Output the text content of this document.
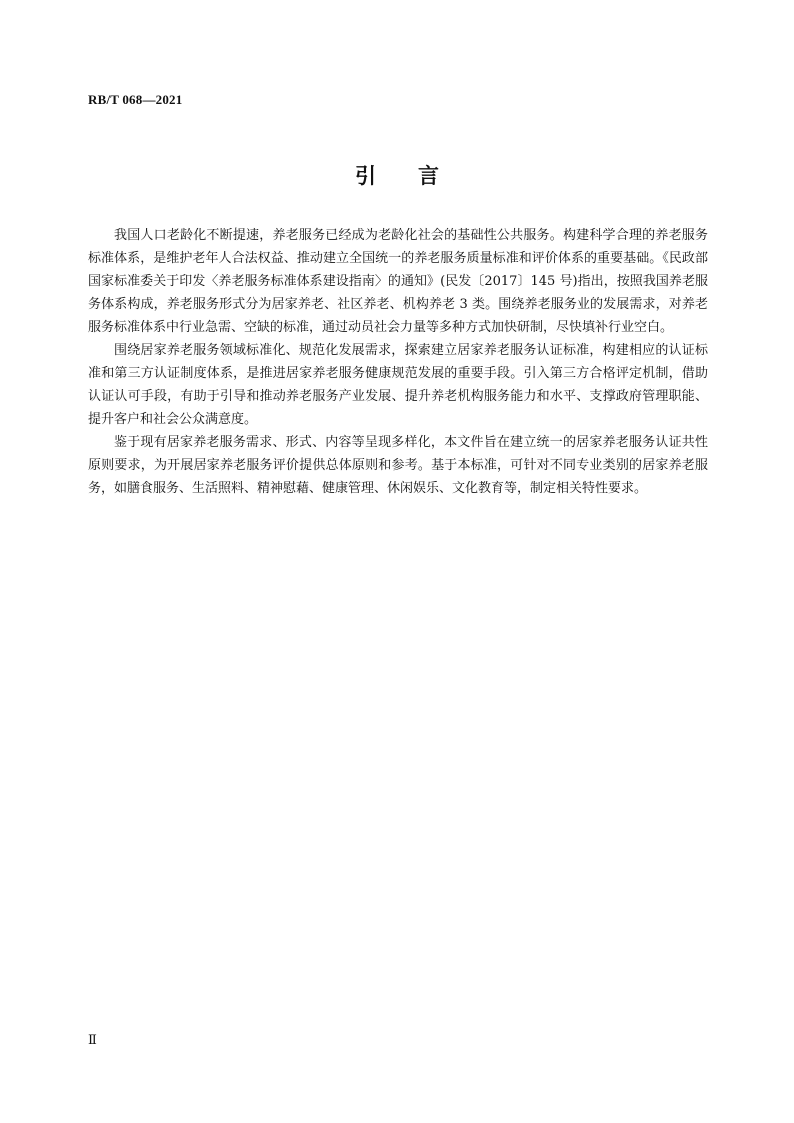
RB/T 068—2021
引 言

我国人口老龄化不断提速，养老服务已经成为老龄化社会的基础性公共服务。构建科学合理的养老服务标准体系，是维护老年人合法权益、推动建立全国统一的养老服务质量标准和评价体系的重要基础。《民政部　国家标准委关于印发〈养老服务标准体系建设指南〉的通知》(民发〔2017〕145 号)指出，按照我国养老服务体系构成，养老服务形式分为居家养老、社区养老、机构养老 3 类。围绕养老服务业的发展需求，对养老服务标准体系中行业急需、空缺的标准，通过动员社会力量等多种方式加快研制，尽快填补行业空白。

围绕居家养老服务领域标准化、规范化发展需求，探索建立居家养老服务认证标准，构建相应的认证标准和第三方认证制度体系，是推进居家养老服务健康规范发展的重要手段。引入第三方合格评定机制，借助认证认可手段，有助于引导和推动养老服务产业发展、提升养老机构服务能力和水平、支撑政府管理职能、提升客户和社会公众满意度。

鉴于现有居家养老服务需求、形式、内容等呈现多样化，本文件旨在建立统一的居家养老服务认证共性原则要求，为开展居家养老服务评价提供总体原则和参考。基于本标准，可针对不同专业类别的居家养老服务，如膳食服务、生活照料、精神慰藉、健康管理、休闲娱乐、文化教育等，制定相关特性要求。

Ⅱ
